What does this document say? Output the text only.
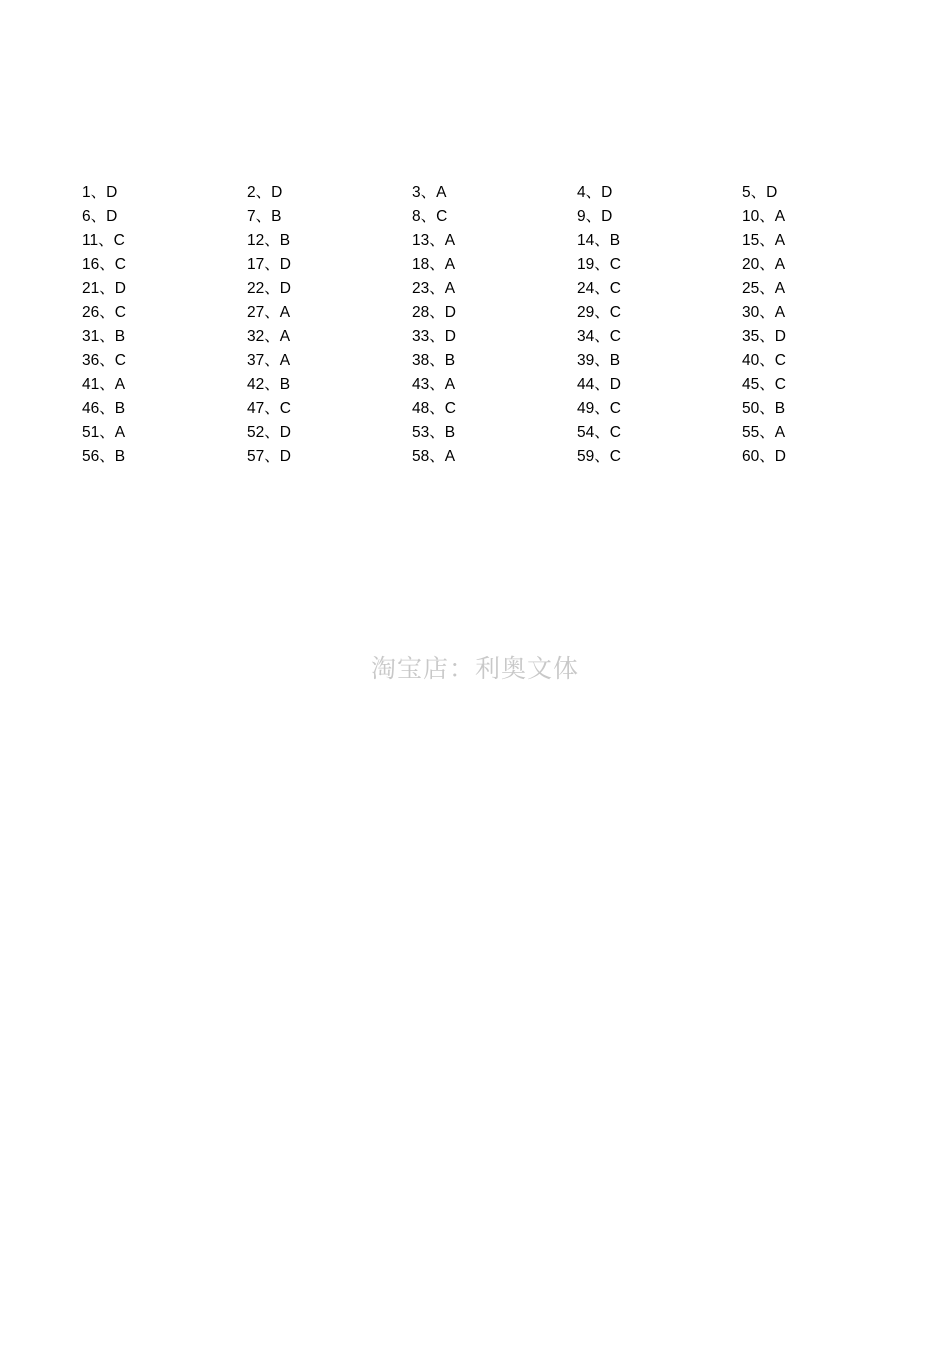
1、D	2、D	3、A	4、D	5、D
6、D	7、B	8、C	9、D	10、A
11、C	12、B	13、A	14、B	15、A
16、C	17、D	18、A	19、C	20、A
21、D	22、D	23、A	24、C	25、A
26、C	27、A	28、D	29、C	30、A
31、B	32、A	33、D	34、C	35、D
36、C	37、A	38、B	39、B	40、C
41、A	42、B	43、A	44、D	45、C
46、B	47、C	48、C	49、C	50、B
51、A	52、D	53、B	54、C	55、A
56、B	57、D	58、A	59、C	60、D
淘宝店：利奥文体
